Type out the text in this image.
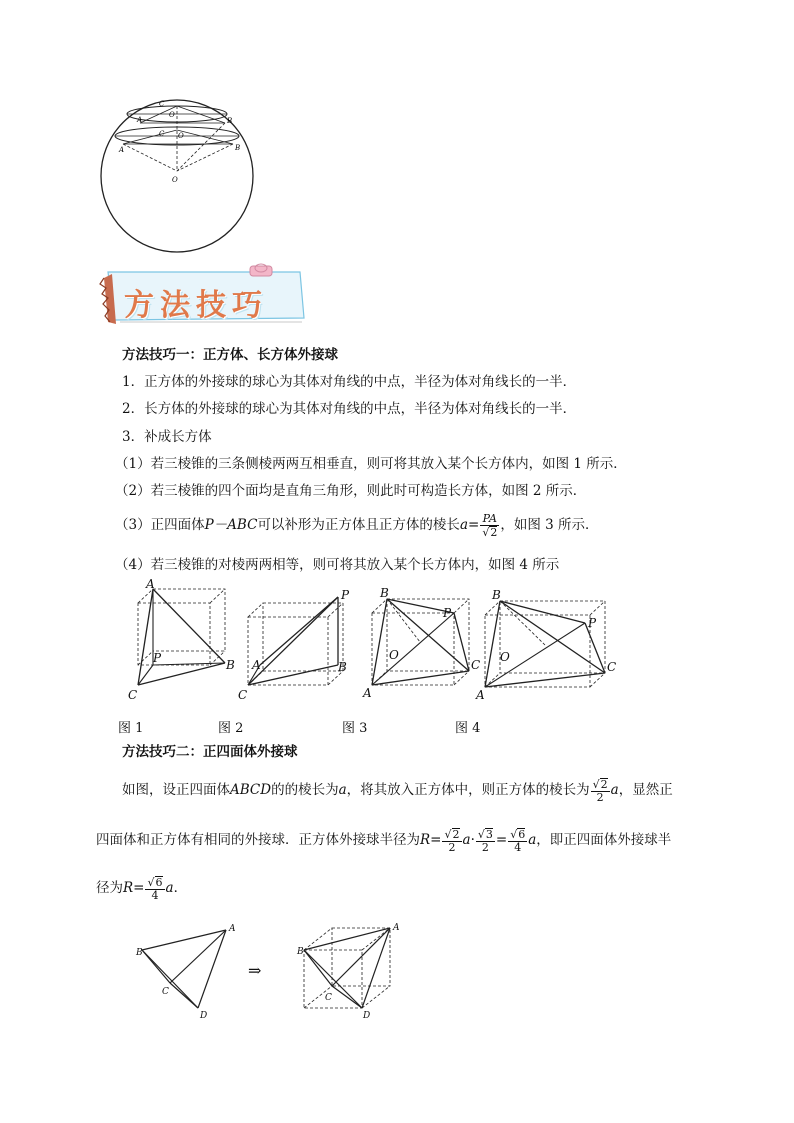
C
O
A	B
C O
A	B
O
方法技巧
方法技巧一：正方体、长方体外接球
1．正方体的外接球的球心为其体对角线的中点，半径为体对角线长的一半．
2．长方体的外接球的球心为其体对角线的中点，半径为体对角线长的一半．
3．补成长方体
（1）若三棱锥的三条侧棱两两互相垂直，则可将其放入某个长方体内，如图 1 所示．
（2）若三棱锥的四个面均是直角三角形，则此时可构造长方体，如图 2 所示．
（3）正四面体P－ABC可以补形为正方体且正方体的棱长$a= \frac{PA}{√2}$ ，如图 3 所示．
（4）若三棱锥的对棱两两相等，则可将其放入某个长方体内，如图 4 所示
A
B
C
P
P
B
A
C
B
P
O
C
A
B
P
O
C
A
图 1	图 2	图 3	图 4
方法技巧二：正四面体外接球
如图，设正四面体ABCD的的棱长为a，将其放入正方体中，则正方体的棱长为 $\frac{√2}{2}$ a，显然正
四面体和正方体有相同的外接球．正方体外接球半径为$R= \frac{√2}{2} a\cdot \frac{√3}{2} = \frac{√6}{4}$ a，即正四面体外接球半
径为$R= \frac{√6}{4}$ a．
B
A
C
D
⇒
B
A
C
D
